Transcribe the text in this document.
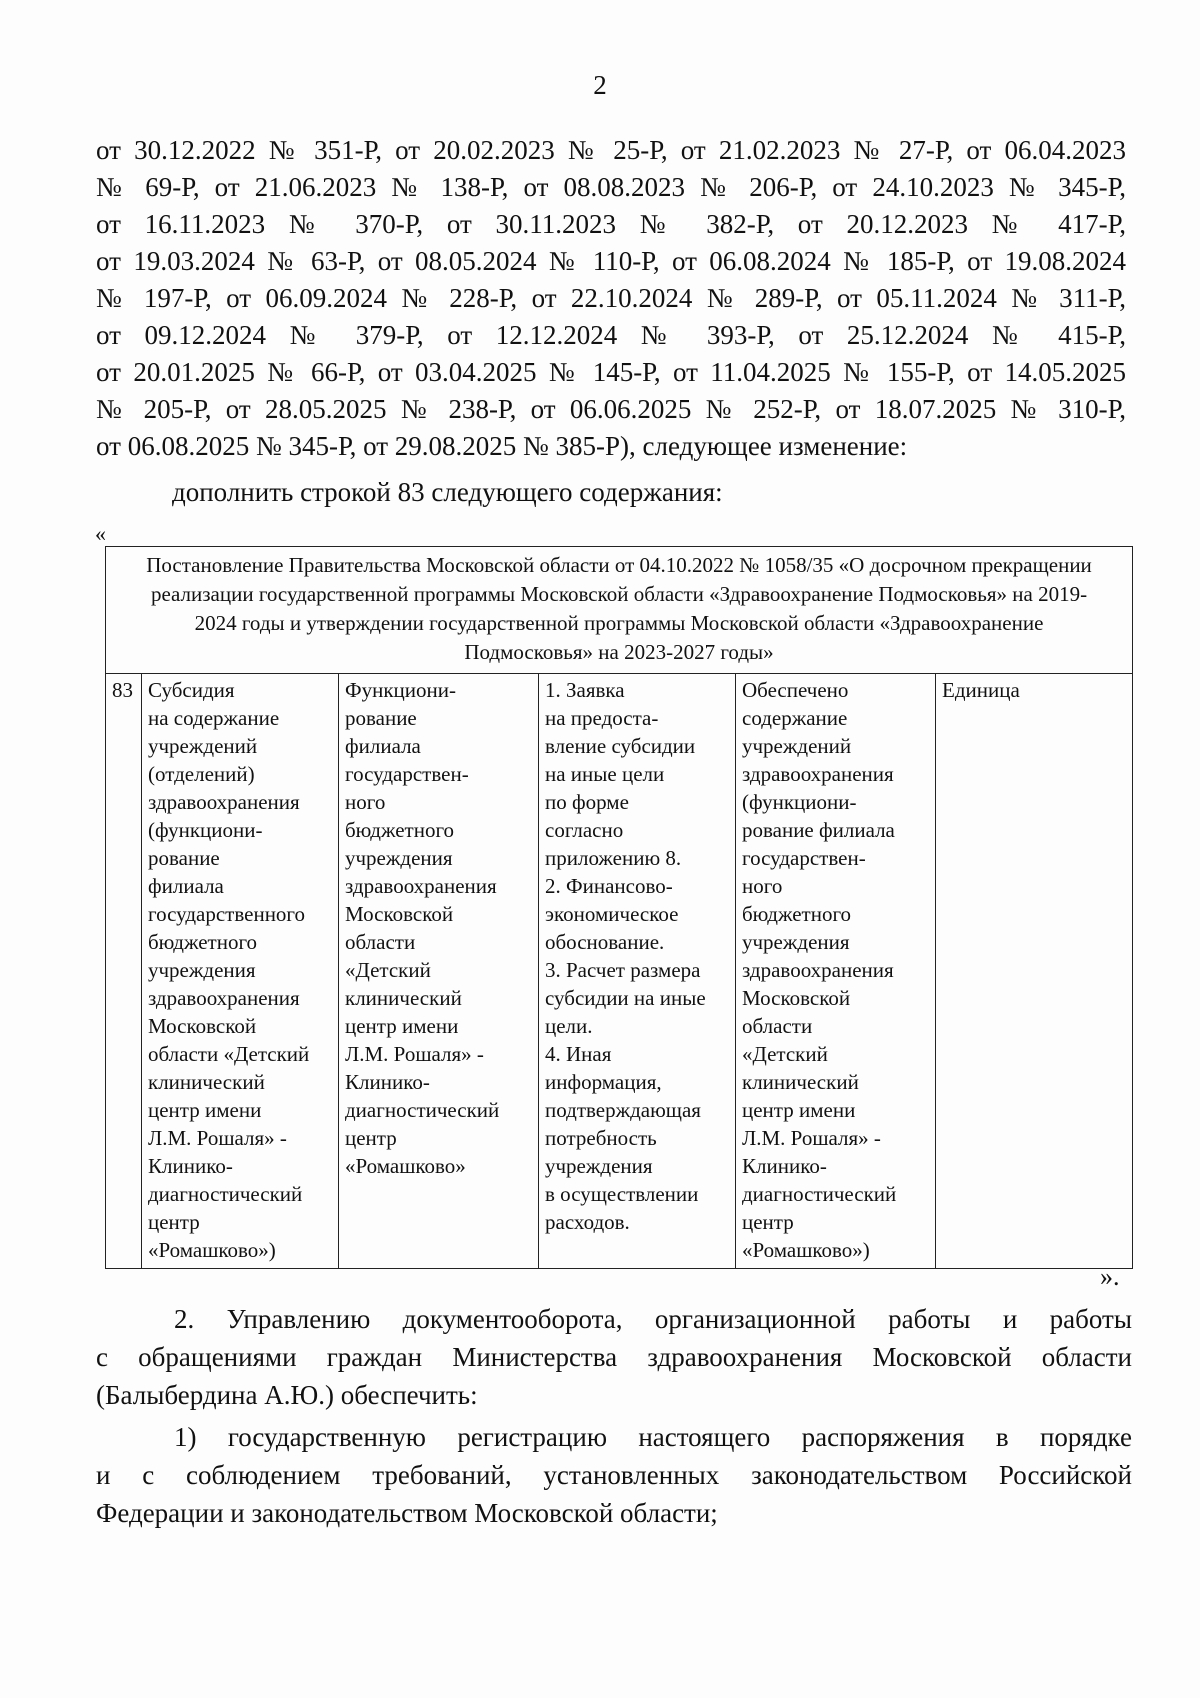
2
от 30.12.2022 № 351-Р, от 20.02.2023 № 25-Р, от 21.02.2023 № 27-Р, от 06.04.2023
№ 69-Р, от 21.06.2023 № 138-Р, от 08.08.2023 № 206-Р, от 24.10.2023 № 345-Р,
от 16.11.2023 № 370-Р, от 30.11.2023 № 382-Р, от 20.12.2023 № 417-Р,
от 19.03.2024 № 63-Р, от 08.05.2024 № 110-Р, от 06.08.2024 № 185-Р, от 19.08.2024
№ 197-Р, от 06.09.2024 № 228-Р, от 22.10.2024 № 289-Р, от 05.11.2024 № 311-Р,
от 09.12.2024 № 379-Р, от 12.12.2024 № 393-Р, от 25.12.2024 № 415-Р,
от 20.01.2025 № 66-Р, от 03.04.2025 № 145-Р, от 11.04.2025 № 155-Р, от 14.05.2025
№ 205-Р, от 28.05.2025 № 238-Р, от 06.06.2025 № 252-Р, от 18.07.2025 № 310-Р,
от 06.08.2025 № 345-Р, от 29.08.2025 № 385-Р), следующее изменение:
дополнить строкой 83 следующего содержания:
«
Постановление Правительства Московской области от 04.10.2022 № 1058/35 «О досрочном прекращении реализации государственной программы Московской области «Здравоохранение Подмосковья» на 2019-2024 годы и утверждении государственной программы Московской области «Здравоохранение Подмосковья» на 2023-2027 годы»
83	Субсидия
на содержание
учреждений
(отделений)
здравоохранения
(функциони-
рование
филиала
государственного
бюджетного
учреждения
здравоохранения
Московской
области «Детский
клинический
центр имени
Л.М. Рошаля» -
Клинико-
диагностический
центр
«Ромашково»)	Функциони-
рование
филиала
государствен-
ного
бюджетного
учреждения
здравоохранения
Московской
области
«Детский
клинический
центр имени
Л.М. Рошаля» -
Клинико-
диагностический
центр
«Ромашково»	1. Заявка
на предоста-
вление субсидии
на иные цели
по форме
согласно
приложению 8.
2. Финансово-
экономическое
обоснование.
3. Расчет размера
субсидии на иные
цели.
4. Иная
информация,
подтверждающая
потребность
учреждения
в осуществлении
расходов.	Обеспечено
содержание
учреждений
здравоохранения
(функциони-
рование филиала
государствен-
ного
бюджетного
учреждения
здравоохранения
Московской
области
«Детский
клинический
центр имени
Л.М. Рошаля» -
Клинико-
диагностический
центр
«Ромашково»)	Единица
».
2. Управлению документооборота, организационной работы и работы
с обращениями граждан Министерства здравоохранения Московской области
(Балыбердина А.Ю.) обеспечить:
1) государственную регистрацию настоящего распоряжения в порядке
и с соблюдением требований, установленных законодательством Российской
Федерации и законодательством Московской области;
